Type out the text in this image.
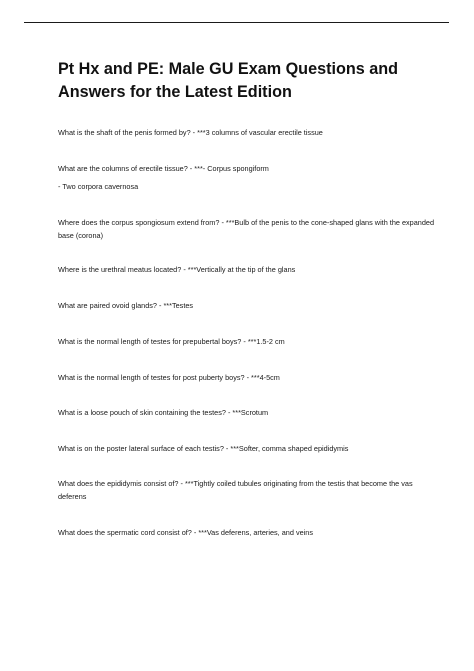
Pt Hx and PE: Male GU Exam Questions and Answers for the Latest Edition

What is the shaft of the penis formed by? - ***3 columns of vascular erectile tissue

What are the columns of erectile tissue? - ***- Corpus spongiform

- Two corpora cavernosa

Where does the corpus spongiosum extend from? - ***Bulb of the penis to the cone-shaped glans with the expanded base (corona)

Where is the urethral meatus located? - ***Vertically at the tip of the glans

What are paired ovoid glands? - ***Testes

What is the normal length of testes for prepubertal boys? - ***1.5-2 cm

What is the normal length of testes for post puberty boys? - ***4-5cm

What is a loose pouch of skin containing the testes? - ***Scrotum

What is on the poster lateral surface of each testis? - ***Softer, comma shaped epididymis

What does the epididymis consist of? - ***Tightly coiled tubules originating from the testis that become the vas deferens

What does the spermatic cord consist of? - ***Vas deferens, arteries, and veins
